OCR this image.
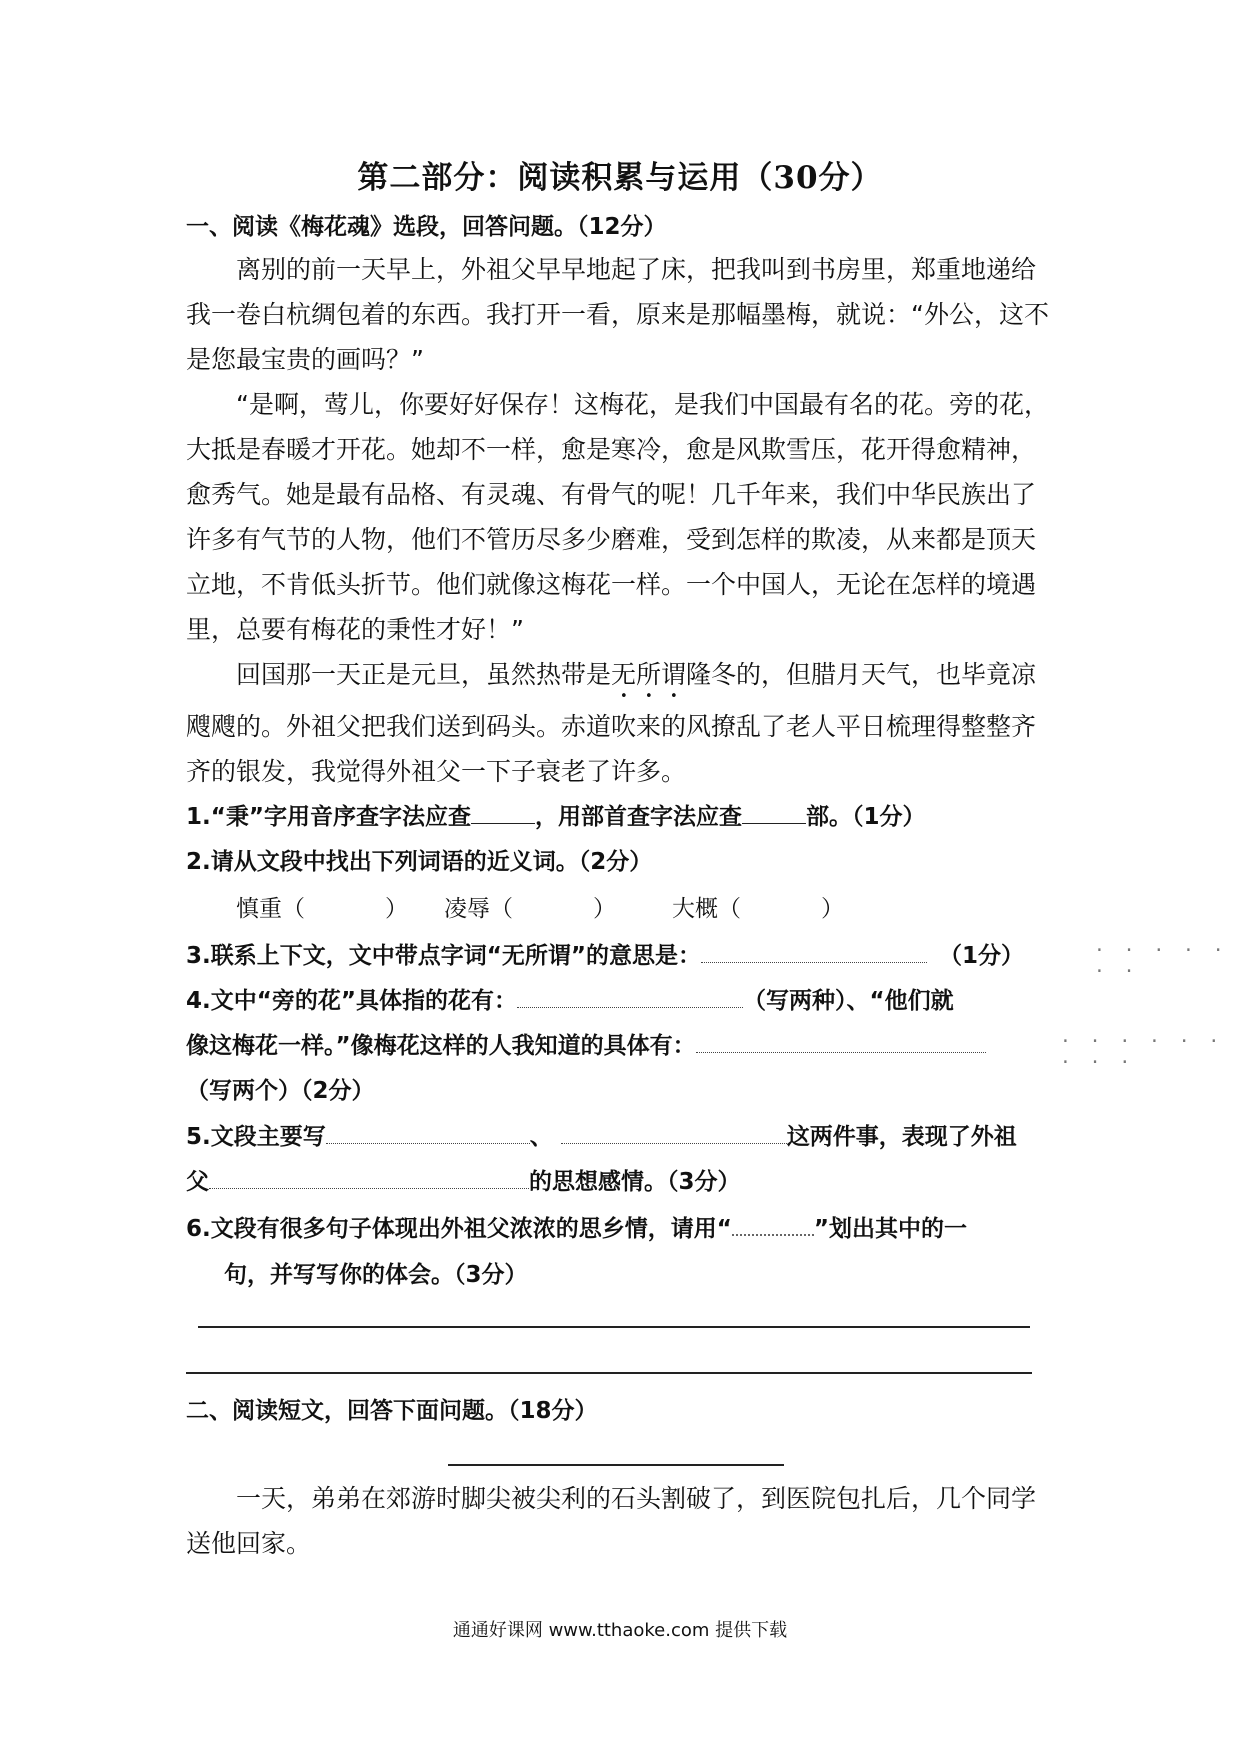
第二部分：阅读积累与运用（30分）
一、阅读《梅花魂》选段，回答问题。（12分）

离别的前一天早上，外祖父早早地起了床，把我叫到书房里，郑重地递给我一卷白杭绸包着的东西。我打开一看，原来是那幅墨梅，就说：“外公，这不是您最宝贵的画吗？”

“是啊，莺儿，你要好好保存！这梅花，是我们中国最有名的花。旁的花，大抵是春暖才开花。她却不一样，愈是寒冷，愈是风欺雪压，花开得愈精神，愈秀气。她是最有品格、有灵魂、有骨气的呢！几千年来，我们中华民族出了许多有气节的人物，他们不管历尽多少磨难，受到怎样的欺凌，从来都是顶天立地，不肯低头折节。他们就像这梅花一样。一个中国人，无论在怎样的境遇里，总要有梅花的秉性才好！”

回国那一天正是元旦，虽然热带是无所谓隆冬的，但腊月天气，也毕竟凉飕飕的。外祖父把我们送到码头。赤道吹来的风撩乱了老人平日梳理得整整齐齐的银发，我觉得外祖父一下子衰老了许多。

1.“秉”字用音序查字法应查	，用部首查字法应查	部。（1分）
2.请从文段中找出下列词语的近义词。（2分）
慎重（	） 凌辱（	） 大概（	）
3.联系上下文，文中带点字词“无所谓”的意思是：	（1分）	· · · · · · ·
4.文中“旁的花”具体指的花有：	（写两种）、“他们就
像这梅花一样。”像梅花这样的人我知道的具体有：	· · · · · · · · ·
（写两个）（2分）
5.文段主要写	、	这两件事，表现了外祖
父	的思想感情。（3分）
6.文段有很多句子体现出外祖父浓浓的思乡情，请用“	”划出其中的一
句，并写写你的体会。（3分）
二、阅读短文，回答下面问题。（18分）

一天，弟弟在郊游时脚尖被尖利的石头割破了，到医院包扎后，几个同学送他回家。

通通好课网 www.tthaoke.com 提供下载
